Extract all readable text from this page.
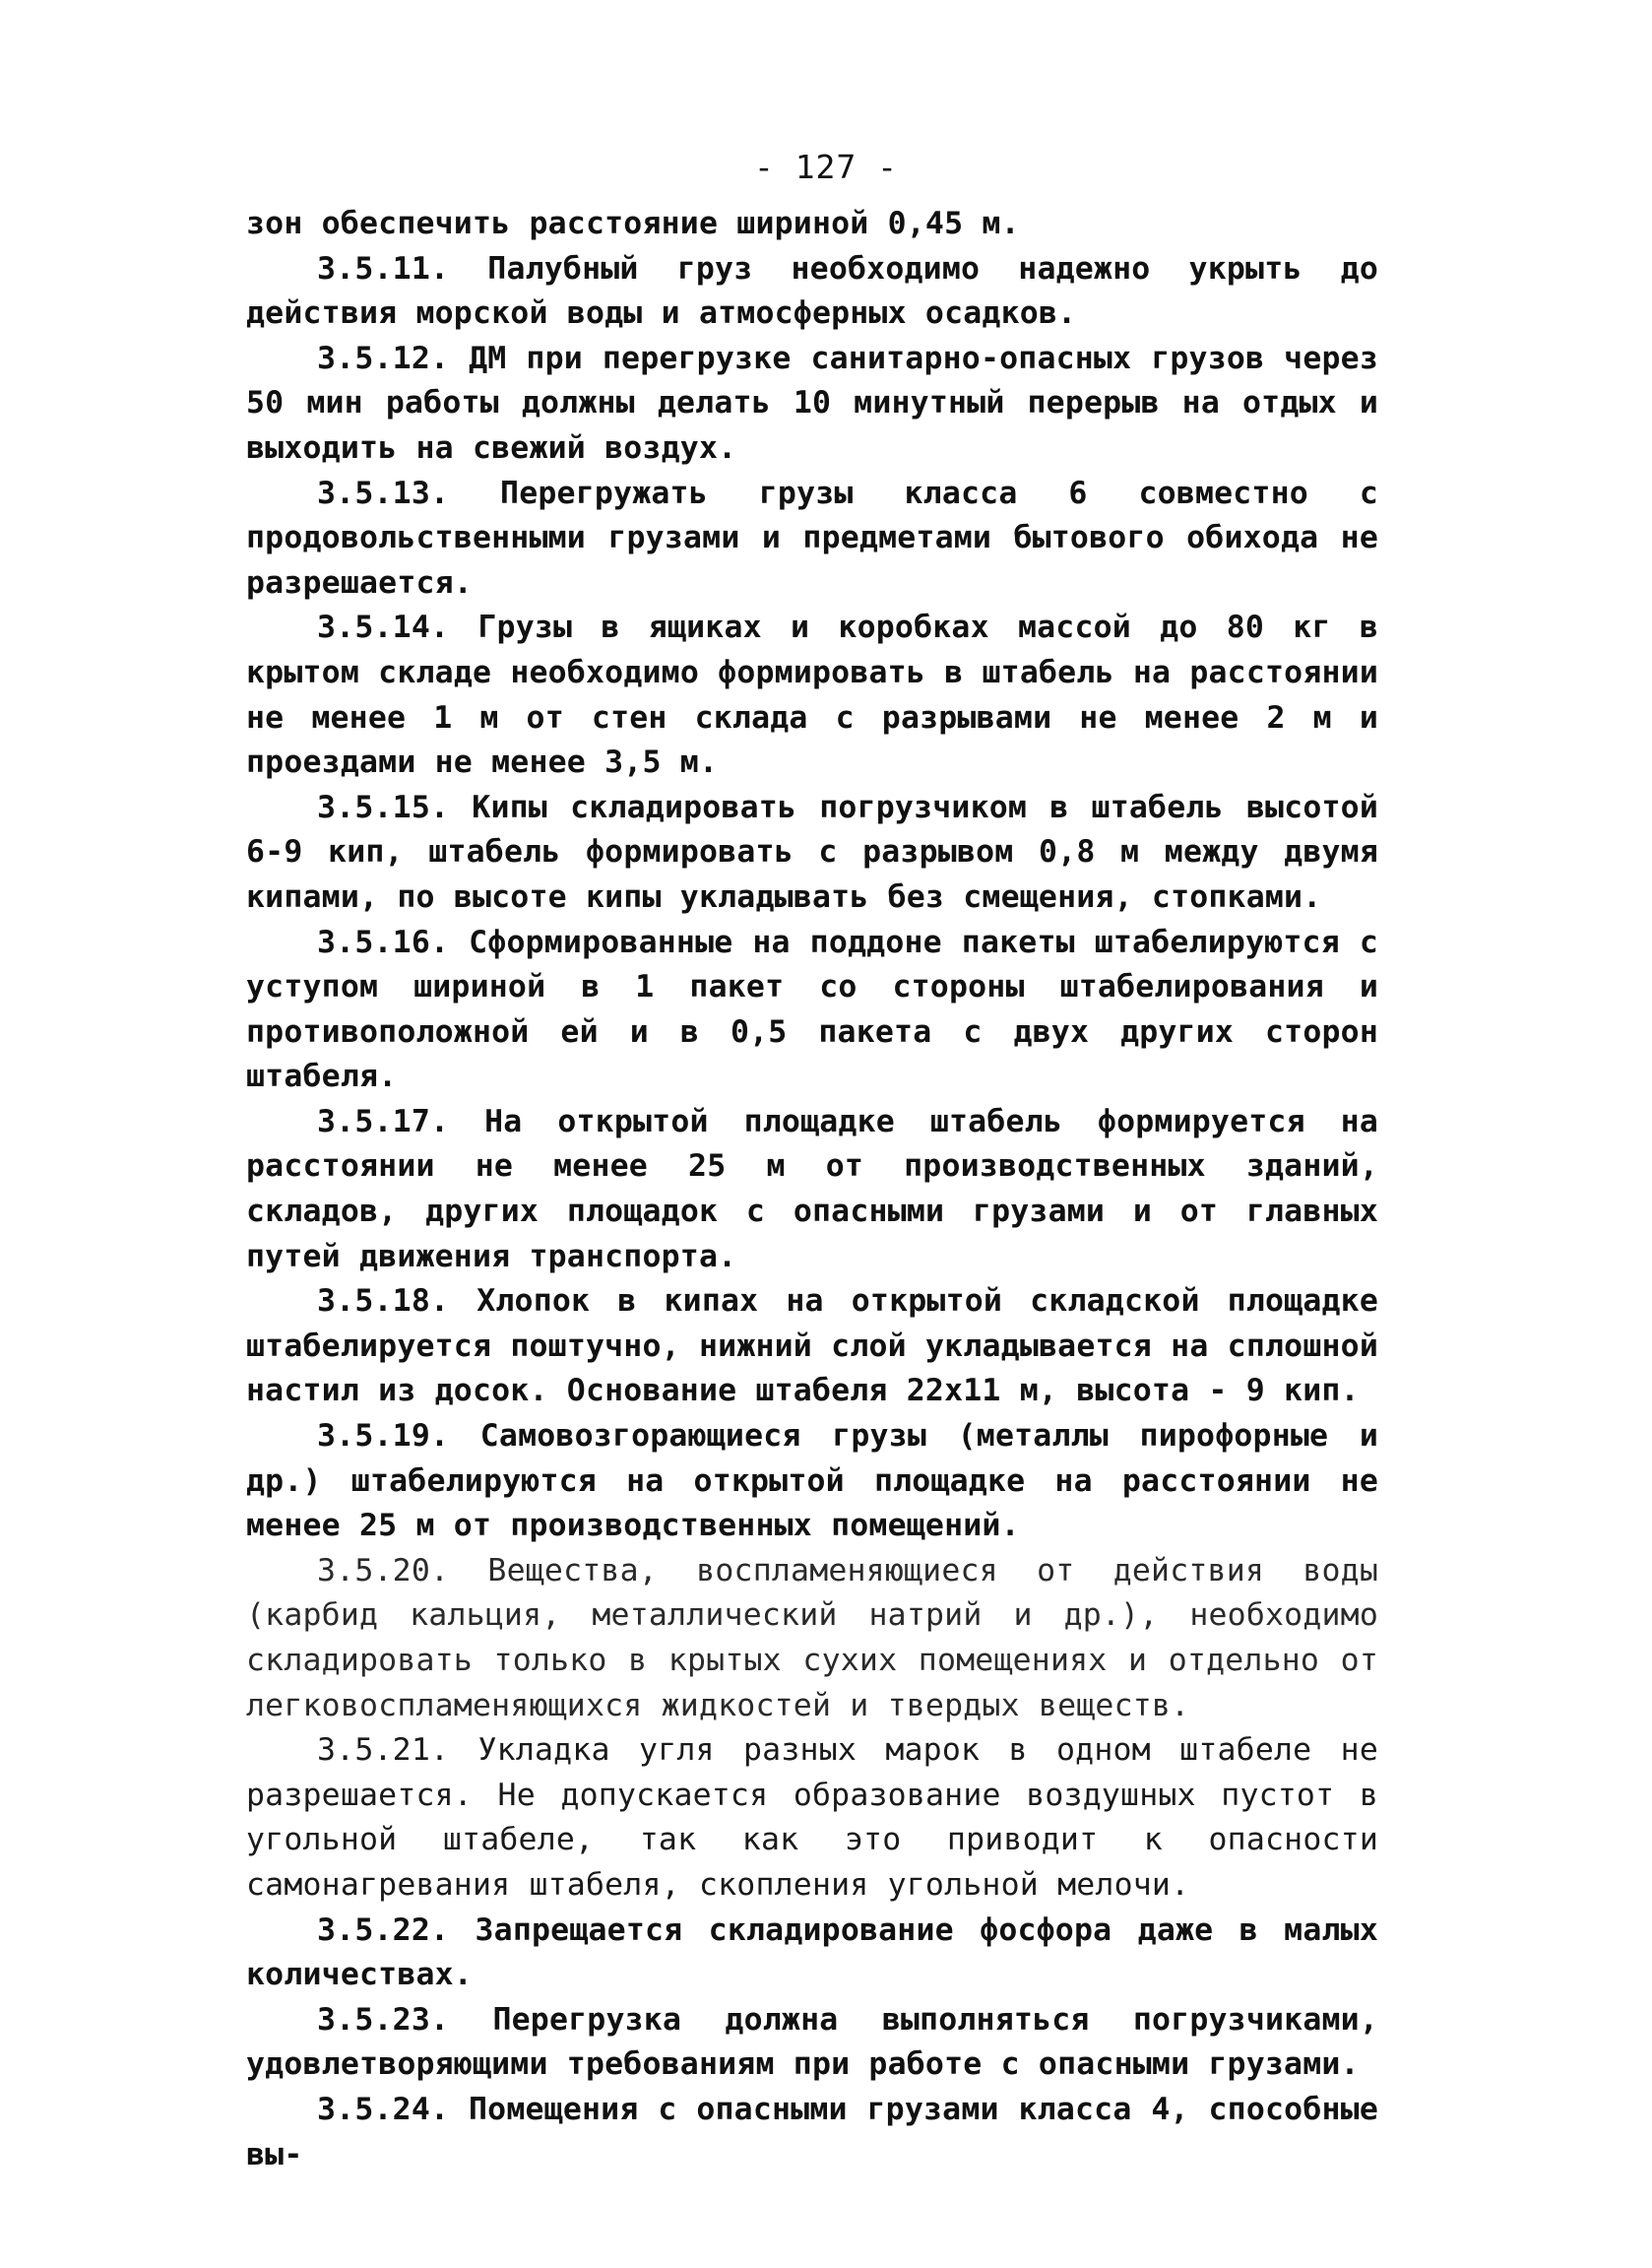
- 127 -

зон обеспечить расстояние шириной 0,45 м.

3.5.11. Палубный груз необходимо надежно укрыть до действия морской воды и атмосферных осадков.

3.5.12. ДМ при перегрузке санитарно-опасных грузов через 50 мин работы должны делать 10 минутный перерыв на отдых и выходить на свежий воздух.

3.5.13. Перегружать грузы класса 6 совместно с продовольственными грузами и предметами бытового обихода не разрешается.

3.5.14. Грузы в ящиках и коробках массой до 80 кг в крытом складе необходимо формировать в штабель на расстоянии не менее 1 м от стен склада с разрывами не менее 2 м и проездами не менее 3,5 м.

3.5.15. Кипы складировать погрузчиком в штабель высотой 6-9 кип, штабель формировать с разрывом 0,8 м между двумя кипами, по высоте кипы укладывать без смещения, стопками.

3.5.16. Сформированные на поддоне пакеты штабелируются с уступом шириной в 1 пакет со стороны штабелирования и противоположной ей и в 0,5 пакета с двух других сторон штабеля.

3.5.17. На открытой площадке штабель формируется на расстоянии не менее 25 м от производственных зданий, складов, других площадок с опасными грузами и от главных путей движения транспорта.

3.5.18. Хлопок в кипах на открытой складской площадке штабелируется поштучно, нижний слой укладывается на сплошной настил из досок. Основание штабеля 22х11 м, высота - 9 кип.

3.5.19. Самовозгорающиеся грузы (металлы пирофорные и др.) штабелируются на открытой площадке на расстоянии не менее 25 м от производственных помещений.

3.5.20. Вещества, воспламеняющиеся от действия воды (карбид кальция, металлический натрий и др.), необходимо складировать только в крытых сухих помещениях и отдельно от легковоспламеняющихся жидкостей и твердых веществ.

3.5.21. Укладка угля разных марок в одном штабеле не разрешается. Не допускается образование воздушных пустот в угольной штабеле, так как это приводит к опасности самонагревания штабеля, скопления угольной мелочи.

3.5.22. Запрещается складирование фосфора даже в малых количествах.

3.5.23. Перегрузка должна выполняться погрузчиками, удовлетворяющими требованиям при работе с опасными грузами.

3.5.24. Помещения с опасными грузами класса 4, способные вы-
